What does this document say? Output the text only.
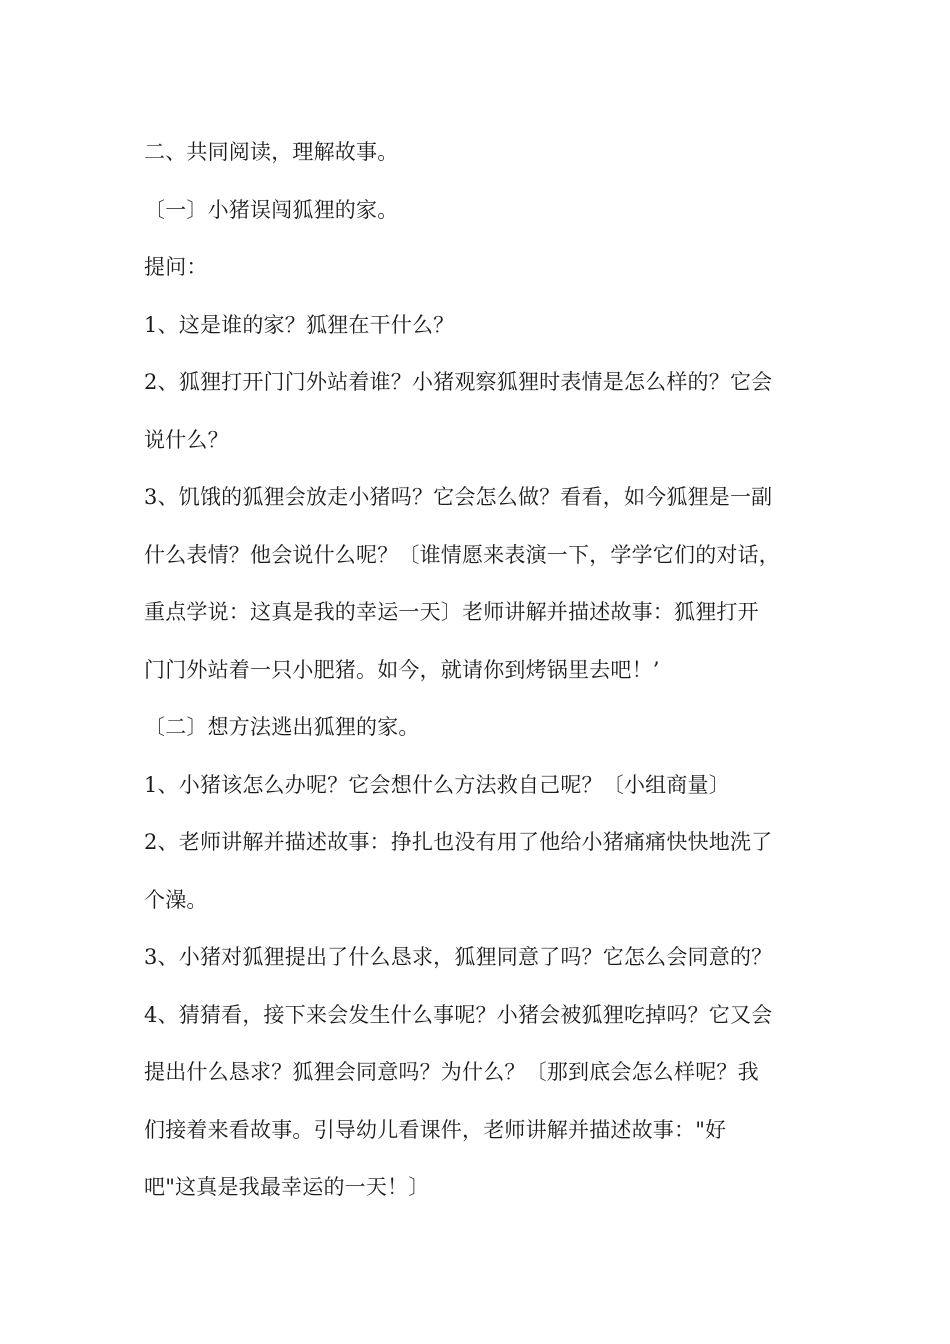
二、共同阅读，理解故事。
〔一〕小猪误闯狐狸的家。
提问：
1、这是谁的家？狐狸在干什么？
2、狐狸打开门门外站着谁？小猪观察狐狸时表情是怎么样的？它会
说什么？
3、饥饿的狐狸会放走小猪吗？它会怎么做？看看，如今狐狸是一副
什么表情？他会说什么呢？〔谁情愿来表演一下，学学它们的对话，
重点学说：这真是我的幸运一天〕老师讲解并描述故事：狐狸打开
门门外站着一只小肥猪。如今，就请你到烤锅里去吧！’
〔二〕想方法逃出狐狸的家。
1、小猪该怎么办呢？它会想什么方法救自己呢？〔小组商量〕
2、老师讲解并描述故事：挣扎也没有用了他给小猪痛痛快快地洗了
个澡。
3、小猪对狐狸提出了什么恳求，狐狸同意了吗？它怎么会同意的？
4、猜猜看，接下来会发生什么事呢？小猪会被狐狸吃掉吗？它又会
提出什么恳求？狐狸会同意吗？为什么？〔那到底会怎么样呢？我
们接着来看故事。引导幼儿看课件，老师讲解并描述故事："好
吧"这真是我最幸运的一天！〕
